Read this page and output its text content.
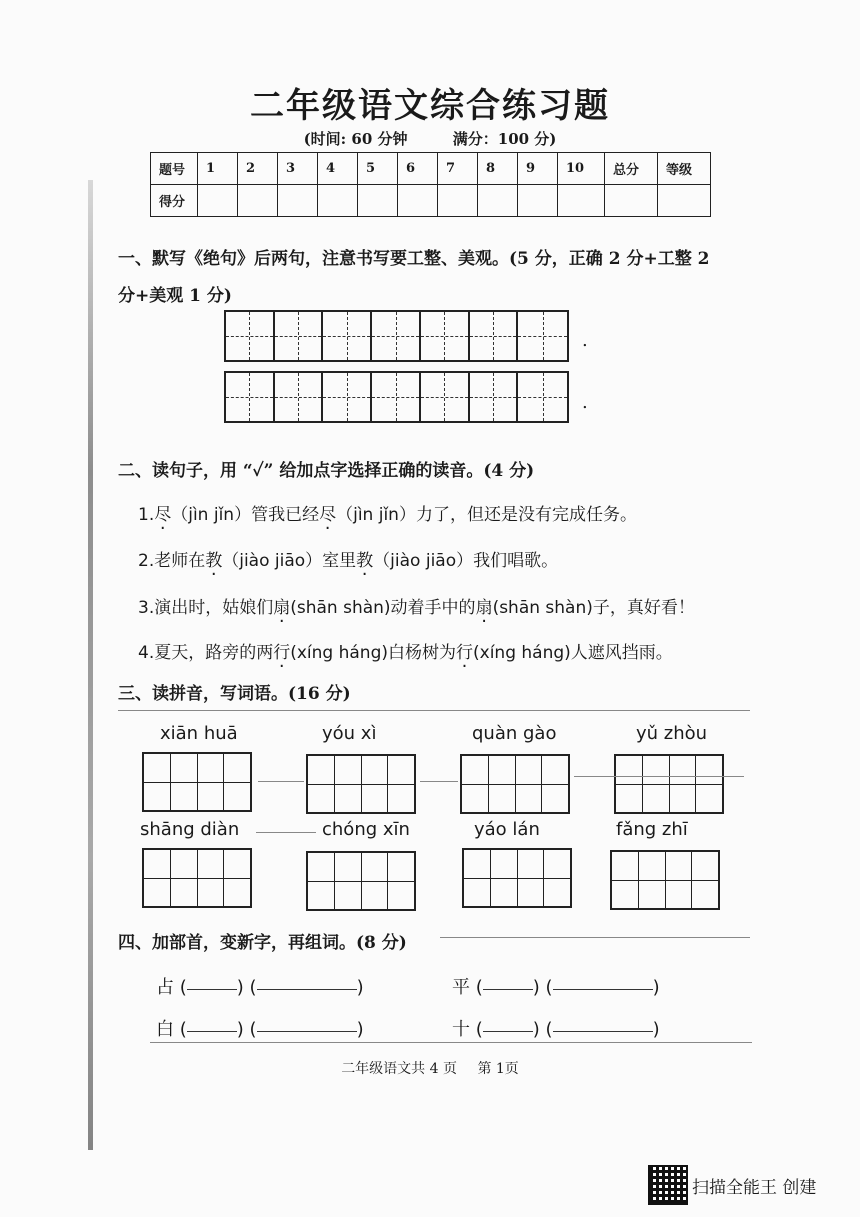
二年级语文综合练习题
(时间: 60 分钟	满分：100 分)
题号	1	2	3	4	5	6	7	8	9	10	总分	等级
得分												
一、默写《绝句》后两句，注意书写要工整、美观。(5 分，正确 2 分+工整 2
分+美观 1 分)
.
.
二、读句子，用 “✓” 给加点字选择正确的读音。(4 分)
1.尽（jìn jǐn）管我已经尽（jìn jǐn）力了，但还是没有完成任务。
2.老师在教（jiào jiāo）室里教（jiào jiāo）我们唱歌。
3.演出时，姑娘们扇(shān shàn)动着手中的扇(shān shàn)子，真好看！
4.夏天，路旁的两行(xíng háng)白杨树为行(xíng háng)人遮风挡雨。
三、读拼音，写词语。(16 分)
xiān huā	yóu xì	quàn gào	yǔ zhòu
shāng diàn	chóng xīn	yáo lán	fǎng zhī
四、加部首，变新字，再组词。(8 分)
占 (	) (	)	平 (	) (	)
白 (	) (	)	十 (	) (	)
二年级语文共 4 页 第 1页
扫描全能王 创建
